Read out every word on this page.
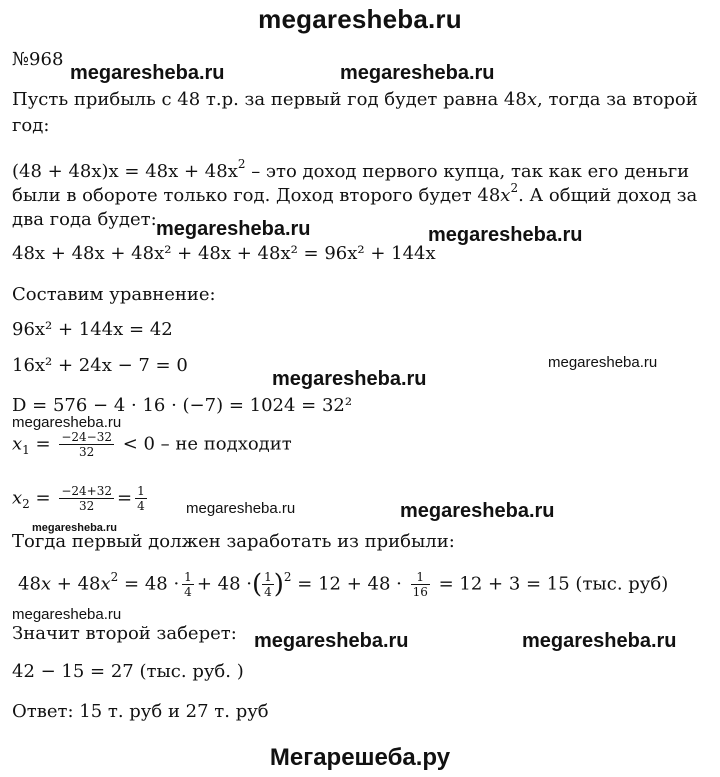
megaresheba.ru
№968
Пусть прибыль с 48 т.р. за первый год будет равна 48x, тогда за второй
год:
$(48 + 48x)x = 48x + 48x^2$ – это доход первого купца, так как его деньги
были в обороте только год. Доход второго будет $48x^2$. А общий доход за
два года будет:
48x + 48x + 48x² + 48x + 48x² = 96x² + 144x
Составим уравнение:
96x² + 144x = 42
16x² + 24x − 7 = 0
D = 576 − 4 · 16 · (−7) = 1024 = 32²
$x_1 = \frac{-24-32}{32} < 0$ – не подходит
$x_2 = \frac{-24+32}{32} = \frac{1}{4}$
Тогда первый должен заработать из прибыли:
$48x + 48x^2 = 48 \cdot \frac{1}{4} + 48$ ·( $\frac{1}{4} )^2 = 12 + 48 \cdot \frac{1}{16} = 12 + 3 = 15$ (тыс. руб)
Значит второй заберет:
42 − 15 = 27 (тыс. руб. )
Ответ: 15 т. руб и 27 т. руб
megaresheba.ru	megaresheba.ru
megaresheba.ru	megaresheba.ru
megaresheba.ru
megaresheba.ru
megaresheba.ru
megaresheba.ru	megaresheba.ru
megaresheba.ru
megaresheba.ru
megaresheba.ru	megaresheba.ru
Мегарешеба.ру
